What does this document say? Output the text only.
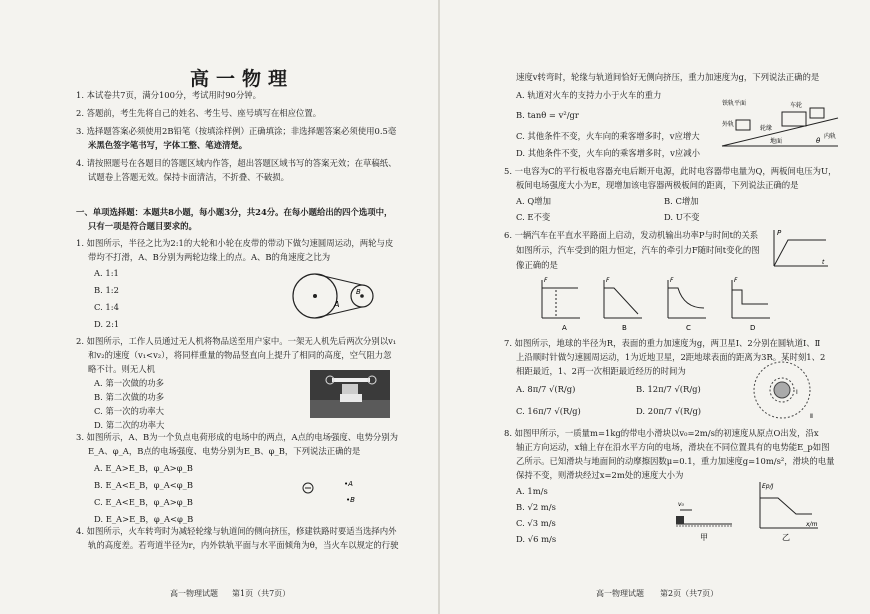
高一物理
1. 本试卷共7页，满分100分，考试用时90分钟。
2. 答题前，考生先将自己的姓名、考生号、座号填写在相应位置。
3. 选择题答案必须使用2B铅笔（按填涂样例）正确填涂；非选择题答案必须使用0.5毫
米黑色签字笔书写，字体工整、笔迹清楚。
4. 请按照题号在各题目的答题区域内作答，超出答题区域书写的答案无效；在草稿纸、
试题卷上答题无效。保持卡面清洁，不折叠、不破损。
一、单项选择题：本题共8小题，每小题3分，共24分。在每小题给出的四个选项中，
只有一项是符合题目要求的。
1. 如图所示，半径之比为2:1的大轮和小轮在皮带的带动下做匀速圆周运动，两轮与皮
带均不打滑，A、B分别为两轮边缘上的点。A、B的角速度之比为
A. 1:1
B. 1:2
C. 1:4
D. 2:1
A
B
2. 如图所示，工作人员通过无人机将物品送至用户家中。一架无人机先后两次分别以v₁
和v₂的速度（v₁<v₂），将同样重量的物品竖直向上提升了相同的高度，空气阻力忽
略不计。则无人机
A. 第一次做的功多
B. 第二次做的功多
C. 第一次的功率大
D. 第二次的功率大
3. 如图所示，A、B为一个负点电荷形成的电场中的两点，A点的电场强度、电势分别为
E_A、φ_A，B点的电场强度、电势分别为E_B、φ_B，下列说法正确的是
A. E_A>E_B，φ_A>φ_B
B. E_A<E_B，φ_A<φ_B
C. E_A<E_B，φ_A>φ_B
D. E_A>E_B，φ_A<φ_B
•A
•B
4. 如图所示，火车转弯时为减轻轮缘与轨道间的侧向挤压，修建铁路时要适当选择内外
轨的高度差。若弯道半径为r，内外铁轨平面与水平面倾角为θ，当火车以规定的行驶
高一物理试题 第1页（共7页）
速度v转弯时，轮缘与轨道间恰好无侧向挤压，重力加速度为g，下列说法正确的是
A. 轨道对火车的支持力小于火车的重力
B. tanθ = v²/gr
C. 其他条件不变，火车向的乘客增多时，v应增大
D. 其他条件不变，火车向的乘客增多时，v应减小
铁轨平面	车轮
外轨
内轨
轮缘
地面	θ
5. 一电容为C的平行板电容器充电后断开电源，此时电容器带电量为Q，两板间电压为U，
板间电场强度大小为E，现增加该电容器两极板间的距离，下列说法正确的是
A. Q增加	B. C增加
C. E不变	D. U不变
6. 一辆汽车在平直水平路面上启动，发动机输出功率P与时间t的关系
如图所示，汽车受到的阻力恒定，汽车的牵引力F随时间t变化的图
像正确的是
P
t
F	F	F	F
A	B	C	D
7. 如图所示，地球的半径为R，表面的重力加速度为g，两卫星Ⅰ、2分别在圆轨道Ⅰ、Ⅱ
上沿顺时针做匀速圆周运动，1为近地卫星，2距地球表面的距离为3R。某时刻1、2
相距最近，1、2再一次相距最近经历的时间为
A. 8π/7 √(R/g)	B. 12π/7 √(R/g)
C. 16π/7 √(R/g)	D. 20π/7 √(R/g)
Ⅰ
Ⅱ
8. 如图甲所示，一质量m=1kg的带电小滑块以v₀=2m/s的初速度从原点O出发，沿x
轴正方向运动，x轴上存在沿水平方向的电场，滑块在不同位置具有的电势能E_p如图
乙所示。已知滑块与地面间的动摩擦因数μ=0.1，重力加速度g=10m/s²，滑块的电量
保持不变，则滑块经过x=2m处的速度大小为
A. 1m/s
B. √2 m/s
C. √3 m/s
D. √6 m/s
v₀
甲
Ep/J
x/m
乙
高一物理试题 第2页（共7页）
